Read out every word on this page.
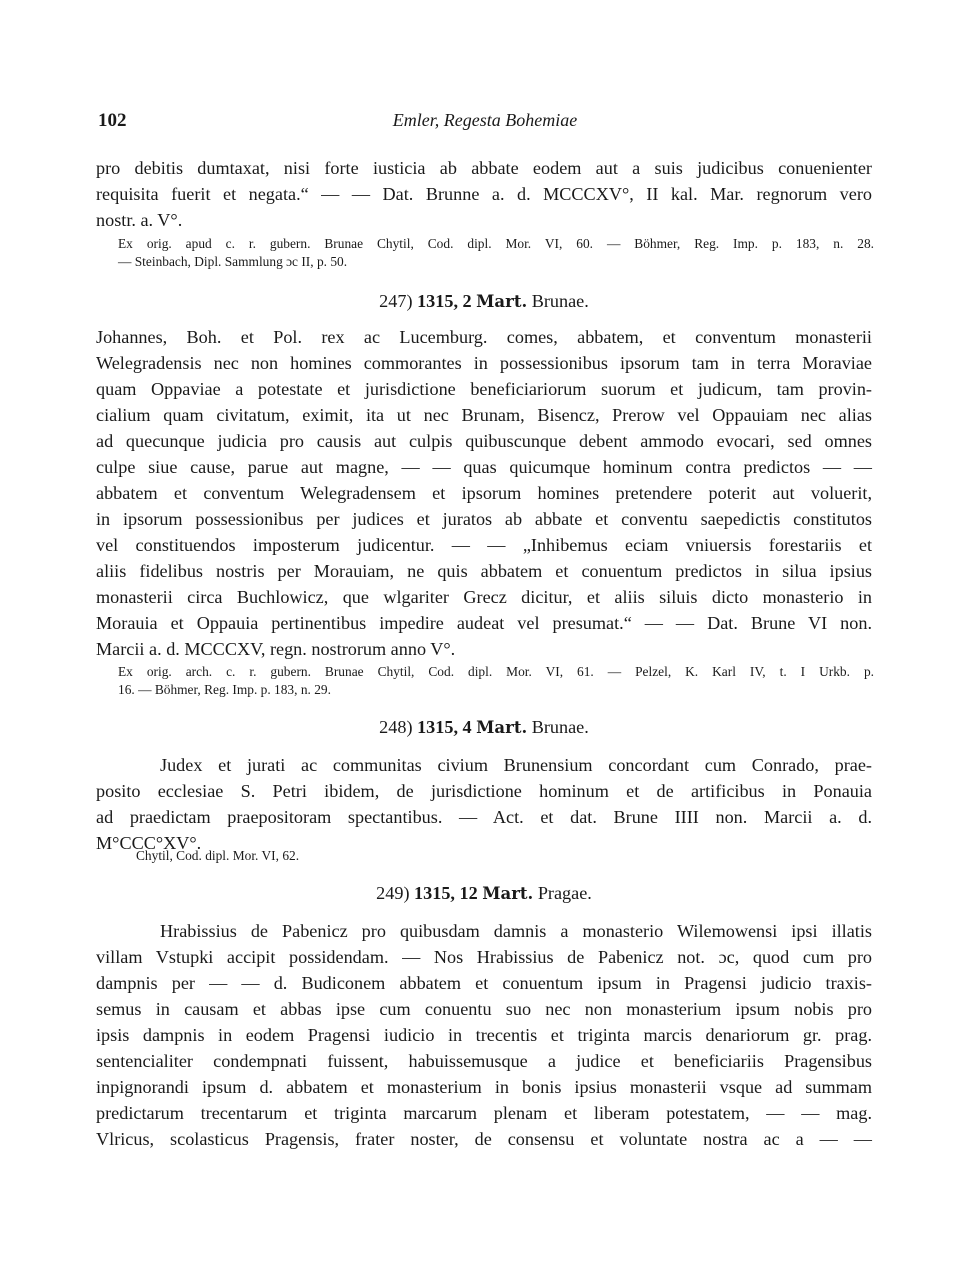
102	Emler, Regesta Bohemiae
pro debitis dumtaxat, nisi forte iusticia ab abbate eodem aut a suis judicibus conuenienter
requisita fuerit et negata.“ — — Dat. Brunne a. d. MCCCXV°, II kal. Mar. regnorum vero
nostr. a. V°.
Ex orig. apud c. r. gubern. Brunae Chytil, Cod. dipl. Mor. VI, 60. — Böhmer, Reg. Imp. p. 183, n. 28.
— Steinbach, Dipl. Sammlung ɔc II, p. 50.
247) 1315, 2 Mart. Brunae.
Johannes, Boh. et Pol. rex ac Lucemburg. comes, abbatem, et conventum monasterii
Welegradensis nec non homines commorantes in possessionibus ipsorum tam in terra Moraviae
quam Oppaviae a potestate et jurisdictione beneficiariorum suorum et judicum, tam provin-
cialium quam civitatum, eximit, ita ut nec Brunam, Bisencz, Prerow vel Oppauiam nec alias
ad quecunque judicia pro causis aut culpis quibuscunque debent ammodo evocari, sed omnes
culpe siue cause, parue aut magne, — — quas quicumque hominum contra predictos — —
abbatem et conventum Welegradensem et ipsorum homines pretendere poterit aut voluerit,
in ipsorum possessionibus per judices et juratos ab abbate et conventu saepedictis constitutos
vel constituendos imposterum judicentur. — — „Inhibemus eciam vniuersis forestariis et
aliis fidelibus nostris per Morauiam, ne quis abbatem et conuentum predictos in silua ipsius
monasterii circa Buchlowicz, que wlgariter Grecz dicitur, et aliis siluis dicto monasterio in
Morauia et Oppauia pertinentibus impedire audeat vel presumat.“ — — Dat. Brune VI non.
Marcii a. d. MCCCXV, regn. nostrorum anno V°.
Ex orig. arch. c. r. gubern. Brunae Chytil, Cod. dipl. Mor. VI, 61. — Pelzel, K. Karl IV, t. I Urkb. p.
16. — Böhmer, Reg. Imp. p. 183, n. 29.
248) 1315, 4 Mart. Brunae.
Judex et jurati ac communitas civium Brunensium concordant cum Conrado, prae-
posito ecclesiae S. Petri ibidem, de jurisdictione hominum et de artificibus in Ponauia
ad praedictam praepositoram spectantibus. — Act. et dat. Brune IIII non. Marcii a. d.
M°CCC°XV°.
Chytil, Cod. dipl. Mor. VI, 62.
249) 1315, 12 Mart. Pragae.
Hrabissius de Pabenicz pro quibusdam damnis a monasterio Wilemowensi ipsi illatis
villam Vstupki accipit possidendam. — Nos Hrabissius de Pabenicz not. ɔc, quod cum pro
dampnis per — — d. Budiconem abbatem et conuentum ipsum in Pragensi judicio traxis-
semus in causam et abbas ipse cum conuentu suo nec non monasterium ipsum nobis pro
ipsis dampnis in eodem Pragensi iudicio in trecentis et triginta marcis denariorum gr. prag.
sentencialiter condempnati fuissent, habuissemusque a judice et beneficiariis Pragensibus
inpignorandi ipsum d. abbatem et monasterium in bonis ipsius monasterii vsque ad summam
predictarum trecentarum et triginta marcarum plenam et liberam potestatem, — — mag.
Vlricus, scolasticus Pragensis, frater noster, de consensu et voluntate nostra ac a — —
